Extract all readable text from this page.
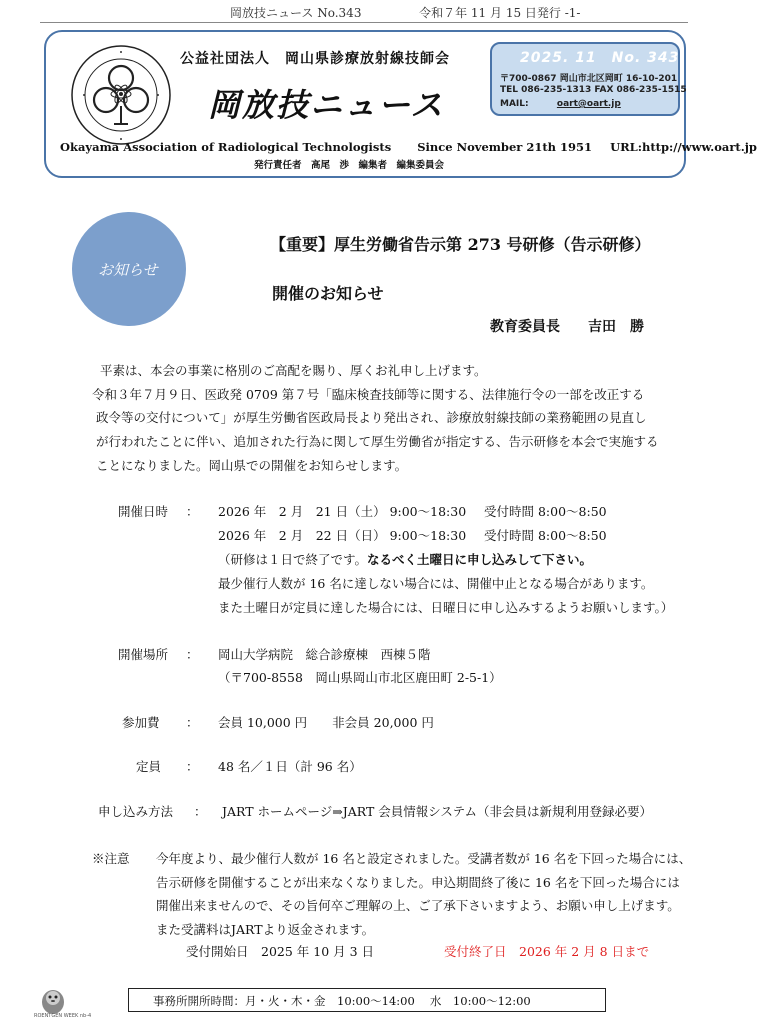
岡放技ニュース No.343	令和７年 11 月 15 日発行 -1-
公益社団法人　岡山県診療放射線技師会
岡放技ニュース
2025. 11　No. 343
〒700-0867 岡山市北区岡町 16-10-201
TEL 086-235-1313 FAX 086-235-1515
MAIL:	oart@oart.jp
Okayama Association of Radiological Technologists Since November 21th 1951 URL:http://www.oart.jp
発行責任者　高尾　渉　編集者　編集委員会
お知らせ
【重要】厚生労働省告示第 273 号研修（告示研修）
開催のお知らせ
教育委員長　　吉田　勝
平素は、本会の事業に格別のご高配を賜り、厚くお礼申し上げます。
令和３年７月９日、医政発 0709 第７号「臨床検査技師等に関する、法律施行令の一部を改正する
政令等の交付について」が厚生労働省医政局長より発出され、診療放射線技師の業務範囲の見直し
が行われたことに伴い、追加された行為に関して厚生労働省が指定する、告示研修を本会で実施する
ことになりました。岡山県での開催をお知らせします。
開催日時 ： 2026 年　2 月　21 日（土） 9:00〜18:30 受付時間 8:00〜8:50
2026 年　2 月　22 日（日） 9:00〜18:30 受付時間 8:00〜8:50
（研修は１日で終了です。なるべく土曜日に申し込みして下さい。
最少催行人数が 16 名に達しない場合には、開催中止となる場合があります。
また土曜日が定員に達した場合には、日曜日に申し込みするようお願いします。）
開催場所 ： 岡山大学病院　総合診療棟　西棟５階
（〒700-8558　岡山県岡山市北区鹿田町 2-5-1）
参加費 ： 会員 10,000 円　　非会員 20,000 円
定員 ： 48 名／１日（計 96 名）
申し込み方法 ： JART ホームページ⇒JART 会員情報システム（非会員は新規利用登録必要）
※注意 今年度より、最少催行人数が 16 名と設定されました。受講者数が 16 名を下回った場合には、
告示研修を開催することが出来なくなりました。申込期間終了後に 16 名を下回った場合には
開催出来ませんので、その旨何卒ご理解の上、ご了承下さいますよう、お願い申し上げます。
また受講料はJARTより返金されます。
受付開始日　2025 年 10 月 3 日	受付終了日　2026 年 2 月 8 日まで
ROENTGEN WEEK nb-4
事務所開所時間：月・火・木・金　10:00〜14:00　 水　10:00〜12:00
